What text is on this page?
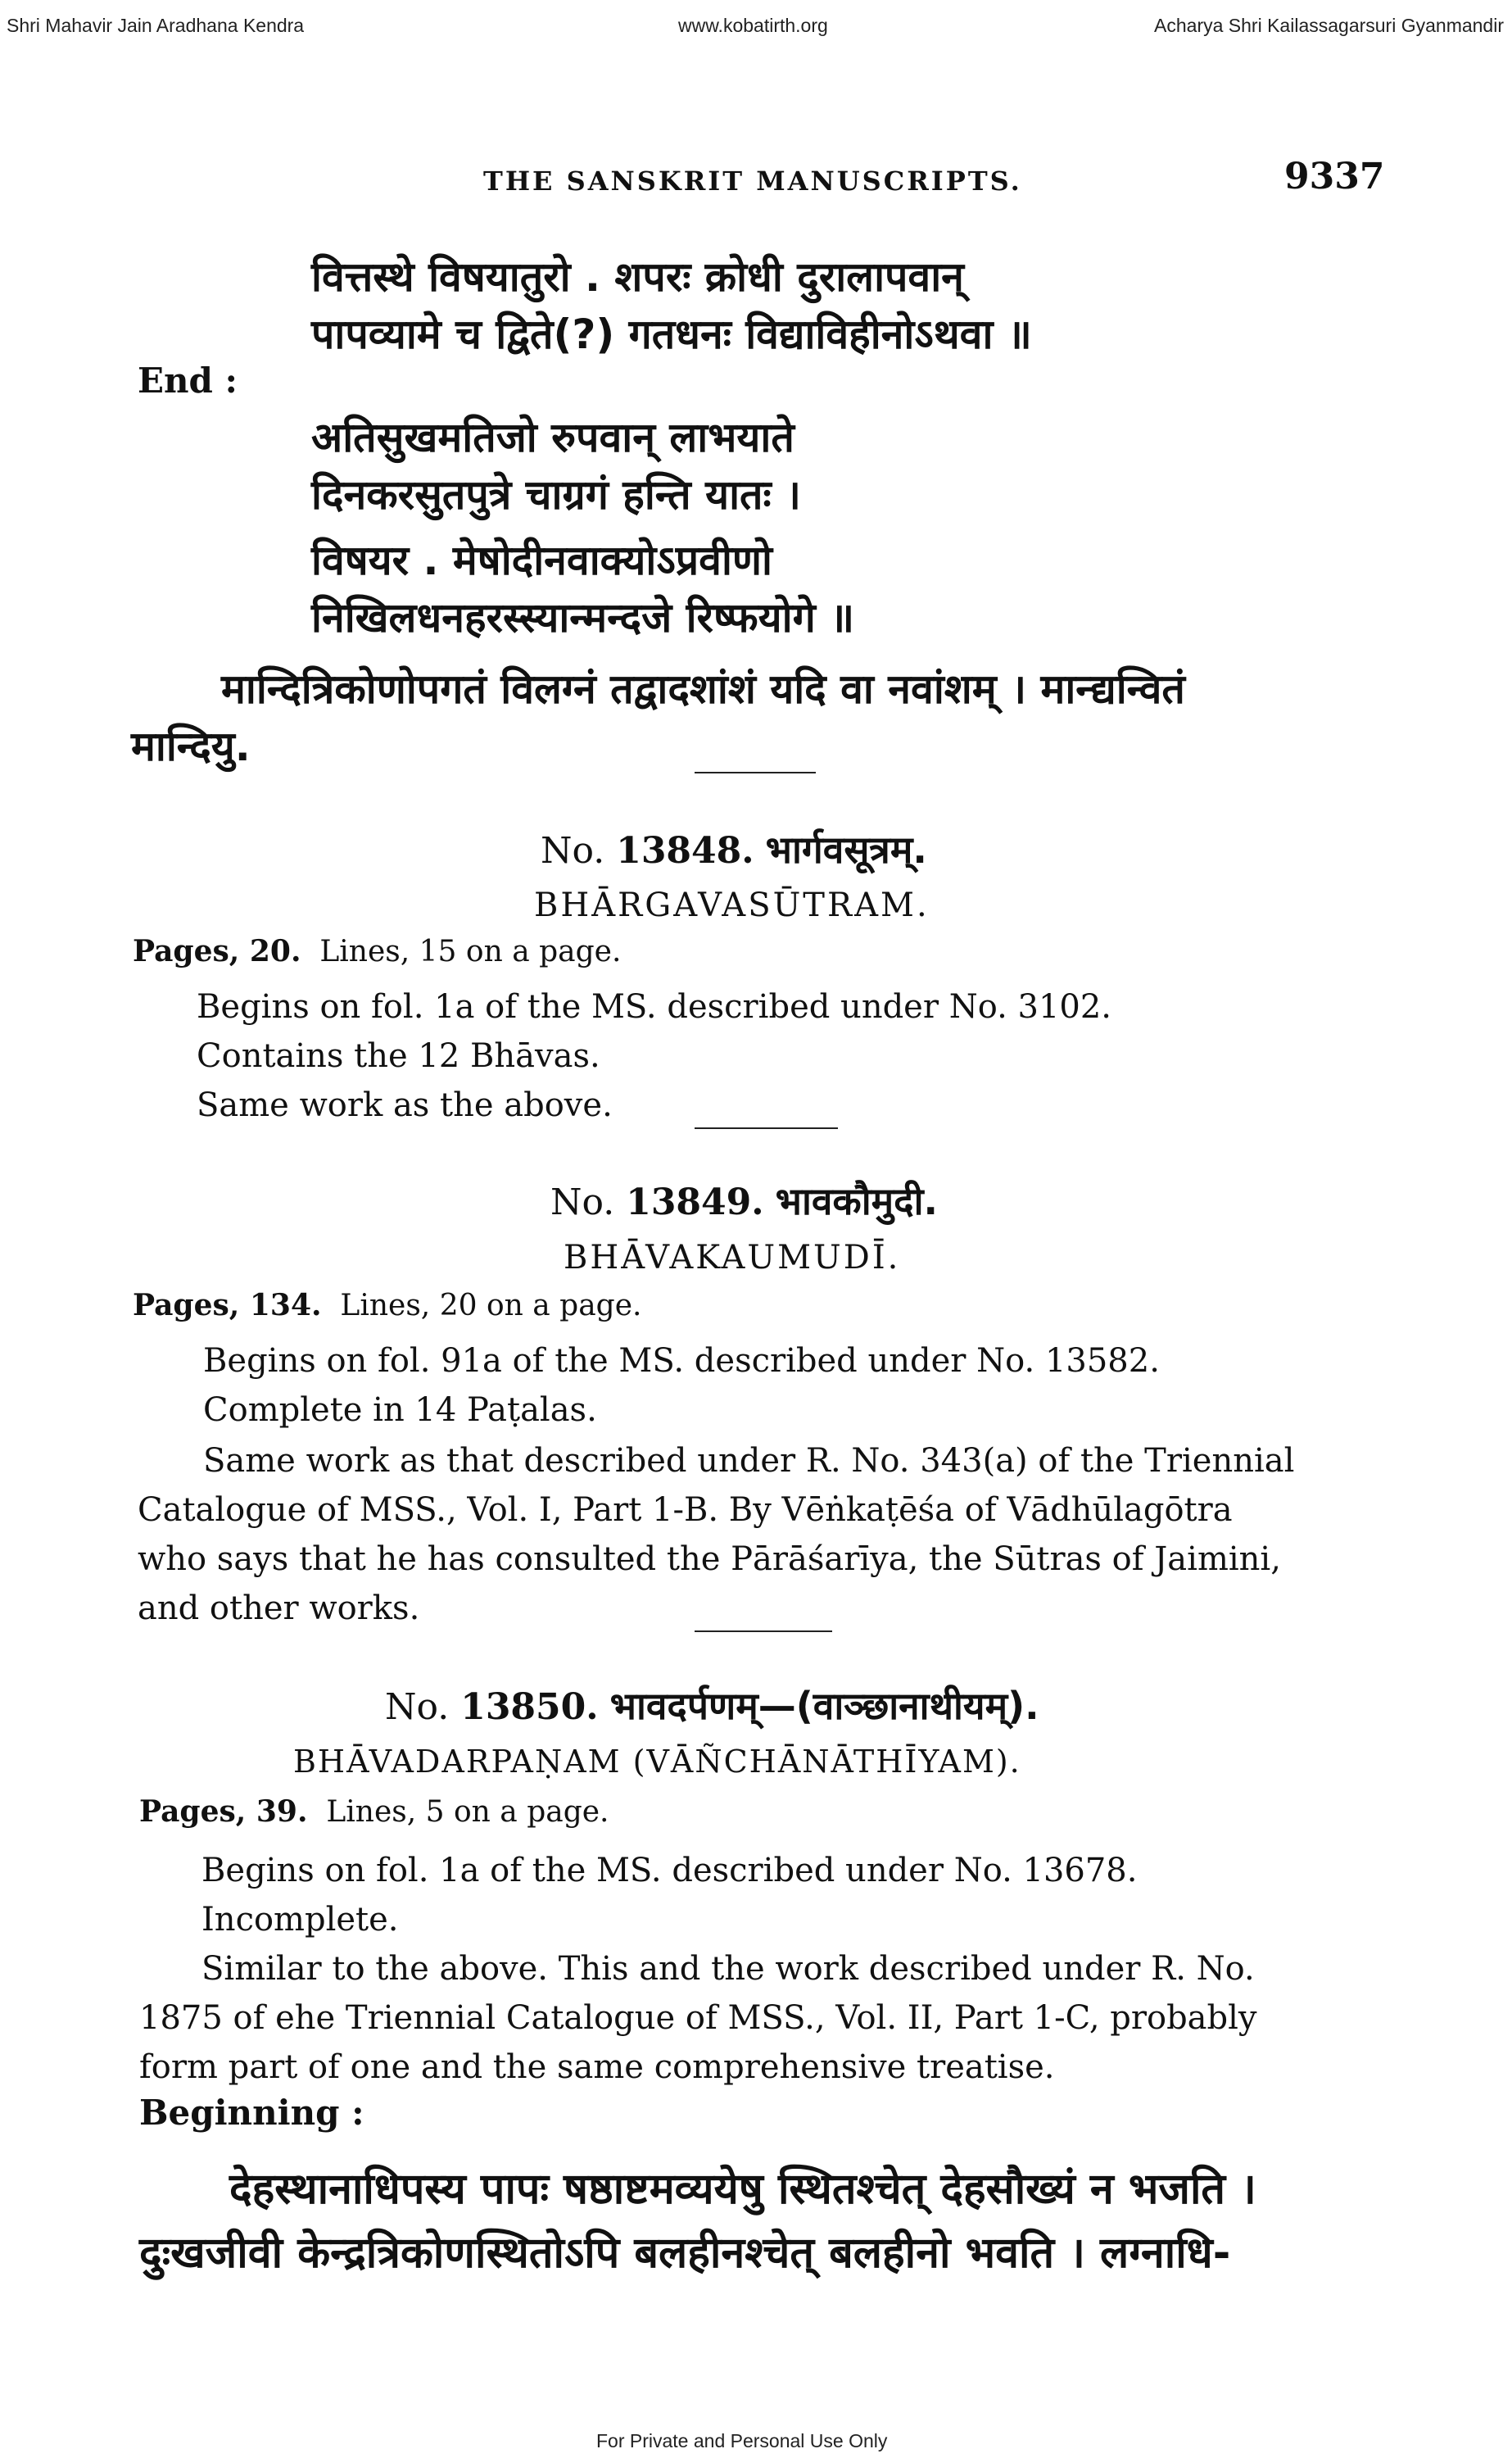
Shri Mahavir Jain Aradhana Kendra	www.kobatirth.org	Acharya Shri Kailassagarsuri Gyanmandir
THE SANSKRIT MANUSCRIPTS.	9337
वित्तस्थे विषयातुरो . शपरः क्रोधी दुरालापवान्
पापव्यामे च द्विते(?) गतधनः विद्याविहीनोऽथवा ॥
End :
अतिसुखमतिजो रुपवान् लाभयाते
दिनकरसुतपुत्रे चाग्रगं हन्ति यातः ।
विषयर . मेषोदीनवाक्योऽप्रवीणो
निखिलधनहरस्स्यान्मन्दजे रिष्फयोगे ॥
मान्दित्रिकोणोपगतं विलग्नं तद्वादशांशं यदि वा नवांशम् । मान्द्यन्वितं
मान्दियु.
No. 13848. भार्गवसूत्रम्.
BHĀRGAVASŪTRAM.
Pages, 20. Lines, 15 on a page.
Begins on fol. 1a of the MS. described under No. 3102.
Contains the 12 Bhāvas.
Same work as the above.
No. 13849. भावकौमुदी.
BHĀVAKAUMUDĪ.
Pages, 134. Lines, 20 on a page.
Begins on fol. 91a of the MS. described under No. 13582.
Complete in 14 Paṭalas.
Same work as that described under R. No. 343(a) of the Triennial
Catalogue of MSS., Vol. I, Part 1-B. By Vēṅkaṭēśa of Vādhūlagōtra
who says that he has consulted the Pārāśarīya, the Sūtras of Jaimini,
and other works.
No. 13850. भावदर्पणम्—(वाञ्छानाथीयम्).
BHĀVADARPAṆAM (VĀÑCHĀNĀTHĪYAM).
Pages, 39. Lines, 5 on a page.
Begins on fol. 1a of the MS. described under No. 13678.
Incomplete.
Similar to the above. This and the work described under R. No.
1875 of ehe Triennial Catalogue of MSS., Vol. II, Part 1-C, probably
form part of one and the same comprehensive treatise.
Beginning :
देहस्थानाधिपस्य पापः षष्ठाष्टमव्ययेषु स्थितश्चेत् देहसौख्यं न भजति ।
दुःखजीवी केन्द्रत्रिकोणस्थितोऽपि बलहीनश्चेत् बलहीनो भवति । लग्नाधि-
For Private and Personal Use Only
